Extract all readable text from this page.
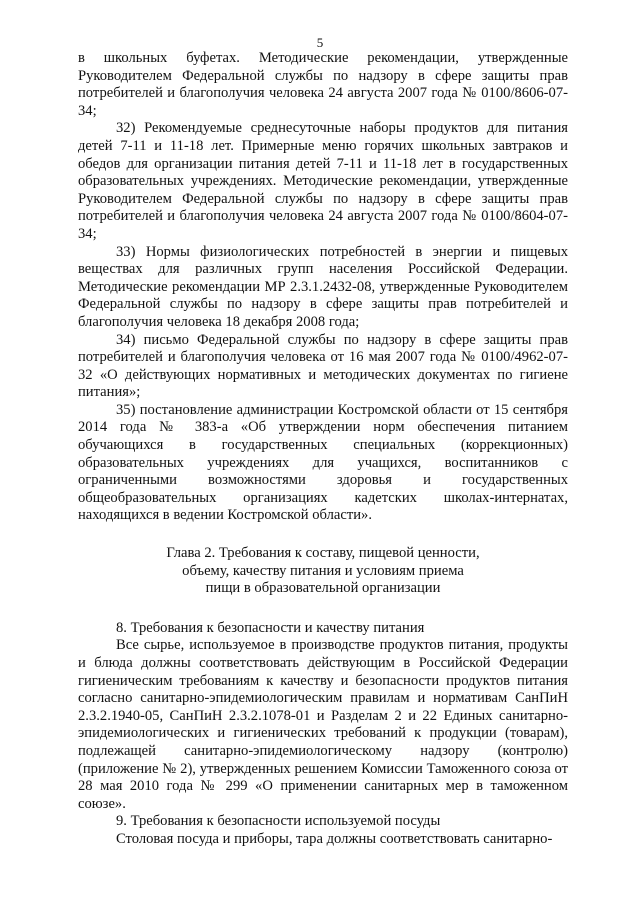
5

в школьных буфетах. Методические рекомендации, утвержденные Руководителем Федеральной службы по надзору в сфере защиты прав потребителей и благополучия человека 24 августа 2007 года № 0100/8606-07-34;

32) Рекомендуемые среднесуточные наборы продуктов для питания детей 7-11 и 11-18 лет. Примерные меню горячих школьных завтраков и обедов для организации питания детей 7-11 и 11-18 лет в государственных образовательных учреждениях. Методические рекомендации, утвержденные Руководителем Федеральной службы по надзору в сфере защиты прав потребителей и благополучия человека 24 августа 2007 года № 0100/8604-07-34;

33) Нормы физиологических потребностей в энергии и пищевых веществах для различных групп населения Российской Федерации. Методические рекомендации МР 2.3.1.2432-08, утвержденные Руководителем Федеральной службы по надзору в сфере защиты прав потребителей и благополучия человека 18 декабря 2008 года;

34) письмо Федеральной службы по надзору в сфере защиты прав потребителей и благополучия человека от 16 мая 2007 года № 0100/4962-07-32 «О действующих нормативных и методических документах по гигиене питания»;

35) постановление администрации Костромской области от 15 сентября 2014 года № 383-а «Об утверждении норм обеспечения питанием обучающихся в государственных специальных (коррекционных) образовательных учреждениях для учащихся, воспитанников с ограниченными возможностями здоровья и государственных общеобразовательных организациях кадетских школах-интернатах, находящихся в ведении Костромской области».

Глава 2. Требования к составу, пищевой ценности,
объему, качеству питания и условиям приема
пищи в образовательной организации

8. Требования к безопасности и качеству питания

Все сырье, используемое в производстве продуктов питания, продукты и блюда должны соответствовать действующим в Российской Федерации гигиеническим требованиям к качеству и безопасности продуктов питания согласно санитарно-эпидемиологическим правилам и нормативам СанПиН 2.3.2.1940-05, СанПиН 2.3.2.1078-01 и Разделам 2 и 22 Единых санитарно-эпидемиологических и гигиенических требований к продукции (товарам), подлежащей санитарно-эпидемиологическому надзору (контролю) (приложение № 2), утвержденных решением Комиссии Таможенного союза от 28 мая 2010 года № 299 «О применении санитарных мер в таможенном союзе».

9. Требования к безопасности используемой посуды

Столовая посуда и приборы, тара должны соответствовать санитарно-
